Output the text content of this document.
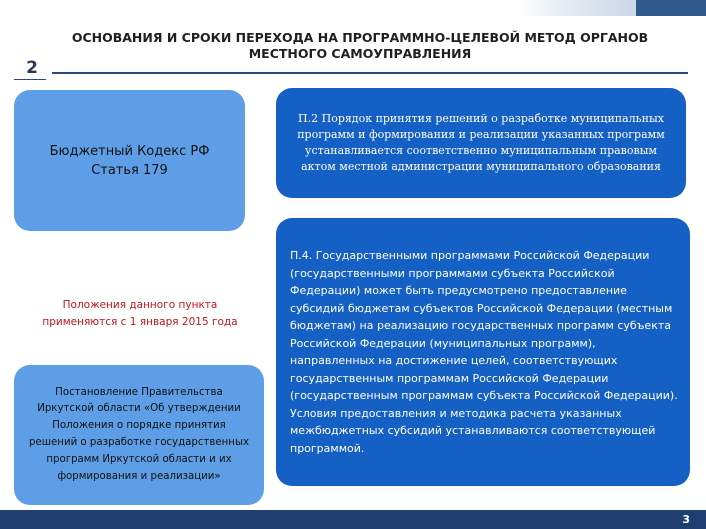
ОСНОВАНИЯ И СРОКИ ПЕРЕХОДА НА ПРОГРАММНО-ЦЕЛЕВОЙ МЕТОД ОРГАНОВ МЕСТНОГО САМОУПРАВЛЕНИЯ
2
Бюджетный Кодекс РФ Статья 179
П.2 Порядок принятия решений о разработке муниципальных программ и формирования и реализации указанных программ устанавливается соответственно муниципальным правовым актом местной администрации муниципального образования
Положения данного пункта применяются с 1 января 2015 года
Постановление Правительства Иркутской области «Об утверждении Положения о порядке принятия решений о разработке государственных программ Иркутской области и их формирования и реализации»
П.4. Государственными программами Российской Федерации (государственными программами субъекта Российской Федерации) может быть предусмотрено предоставление субсидий бюджетам субъектов Российской Федерации (местным бюджетам) на реализацию государственных программ субъекта Российской Федерации (муниципальных программ), направленных на достижение целей, соответствующих государственным программам Российской Федерации (государственным программам субъекта Российской Федерации). Условия предоставления и методика расчета указанных межбюджетных субсидий устанавливаются соответствующей программой.
3
